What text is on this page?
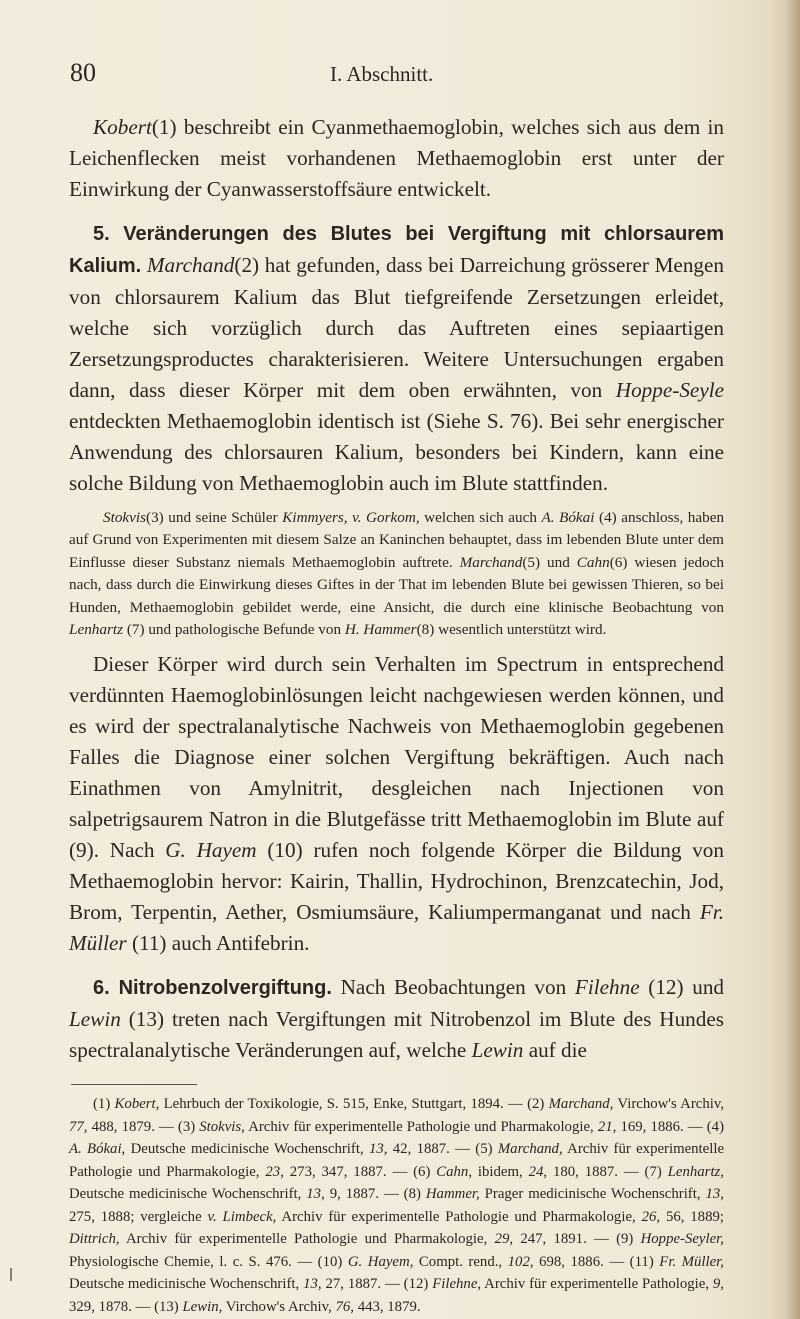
80	I. Abschnitt.

Kobert(1) beschreibt ein Cyanmethaemoglobin, welches sich aus dem in Leichenflecken meist vorhandenen Methaemoglobin erst unter der Einwirkung der Cyanwasserstoffsäure entwickelt.

5. Veränderungen des Blutes bei Vergiftung mit chlorsaurem Kalium. Marchand(2) hat gefunden, dass bei Darreichung grösserer Mengen von chlorsaurem Kalium das Blut tiefgreifende Zersetzungen erleidet, welche sich vorzüglich durch das Auftreten eines sepiaartigen Zersetzungsproductes charakterisieren. Weitere Untersuchungen ergaben dann, dass dieser Körper mit dem oben erwähnten, von Hoppe-Seyle entdeckten Methaemoglobin identisch ist (Siehe S. 76). Bei sehr energischer Anwendung des chlorsauren Kalium, besonders bei Kindern, kann eine solche Bildung von Methaemoglobin auch im Blute stattfinden.

Stokvis(3) und seine Schüler Kimmyers, v. Gorkom, welchen sich auch A. Bókai (4) anschloss, haben auf Grund von Experimenten mit diesem Salze an Kaninchen behauptet, dass im lebenden Blute unter dem Einflusse dieser Substanz niemals Methaemoglobin auftrete. Marchand(5) und Cahn(6) wiesen jedoch nach, dass durch die Einwirkung dieses Giftes in der That im lebenden Blute bei gewissen Thieren, so bei Hunden, Methaemoglobin gebildet werde, eine Ansicht, die durch eine klinische Beobachtung von Lenhartz (7) und pathologische Befunde von H. Hammer(8) wesentlich unterstützt wird.

Dieser Körper wird durch sein Verhalten im Spectrum in entsprechend verdünnten Haemoglobinlösungen leicht nachgewiesen werden können, und es wird der spectralanalytische Nachweis von Methaemoglobin gegebenen Falles die Diagnose einer solchen Vergiftung bekräftigen. Auch nach Einathmen von Amylnitrit, desgleichen nach Injectionen von salpetrigsaurem Natron in die Blutgefässe tritt Methaemoglobin im Blute auf (9). Nach G. Hayem (10) rufen noch folgende Körper die Bildung von Methaemoglobin hervor: Kairin, Thallin, Hydrochinon, Brenzcatechin, Jod, Brom, Terpentin, Aether, Osmiumsäure, Kaliumpermanganat und nach Fr. Müller (11) auch Antifebrin.

6. Nitrobenzolvergiftung. Nach Beobachtungen von Filehne (12) und Lewin (13) treten nach Vergiftungen mit Nitrobenzol im Blute des Hundes spectralanalytische Veränderungen auf, welche Lewin auf die

(1) Kobert, Lehrbuch der Toxikologie, S. 515, Enke, Stuttgart, 1894. — (2) Marchand, Virchow's Archiv, 77, 488, 1879. — (3) Stokvis, Archiv für experimentelle Pathologie und Pharmakologie, 21, 169, 1886. — (4) A. Bókai, Deutsche medicinische Wochenschrift, 13, 42, 1887. — (5) Marchand, Archiv für experimentelle Pathologie und Pharmakologie, 23, 273, 347, 1887. — (6) Cahn, ibidem, 24, 180, 1887. — (7) Lenhartz, Deutsche medicinische Wochenschrift, 13, 9, 1887. — (8) Hammer, Prager medicinische Wochenschrift, 13, 275, 1888; vergleiche v. Limbeck, Archiv für experimentelle Pathologie und Pharmakologie, 26, 56, 1889; Dittrich, Archiv für experimentelle Pathologie und Pharmakologie, 29, 247, 1891. — (9) Hoppe-Seyler, Physiologische Chemie, l. c. S. 476. — (10) G. Hayem, Compt. rend., 102, 698, 1886. — (11) Fr. Müller, Deutsche medicinische Wochenschrift, 13, 27, 1887. — (12) Filehne, Archiv für experimentelle Pathologie, 9, 329, 1878. — (13) Lewin, Virchow's Archiv, 76, 443, 1879.
